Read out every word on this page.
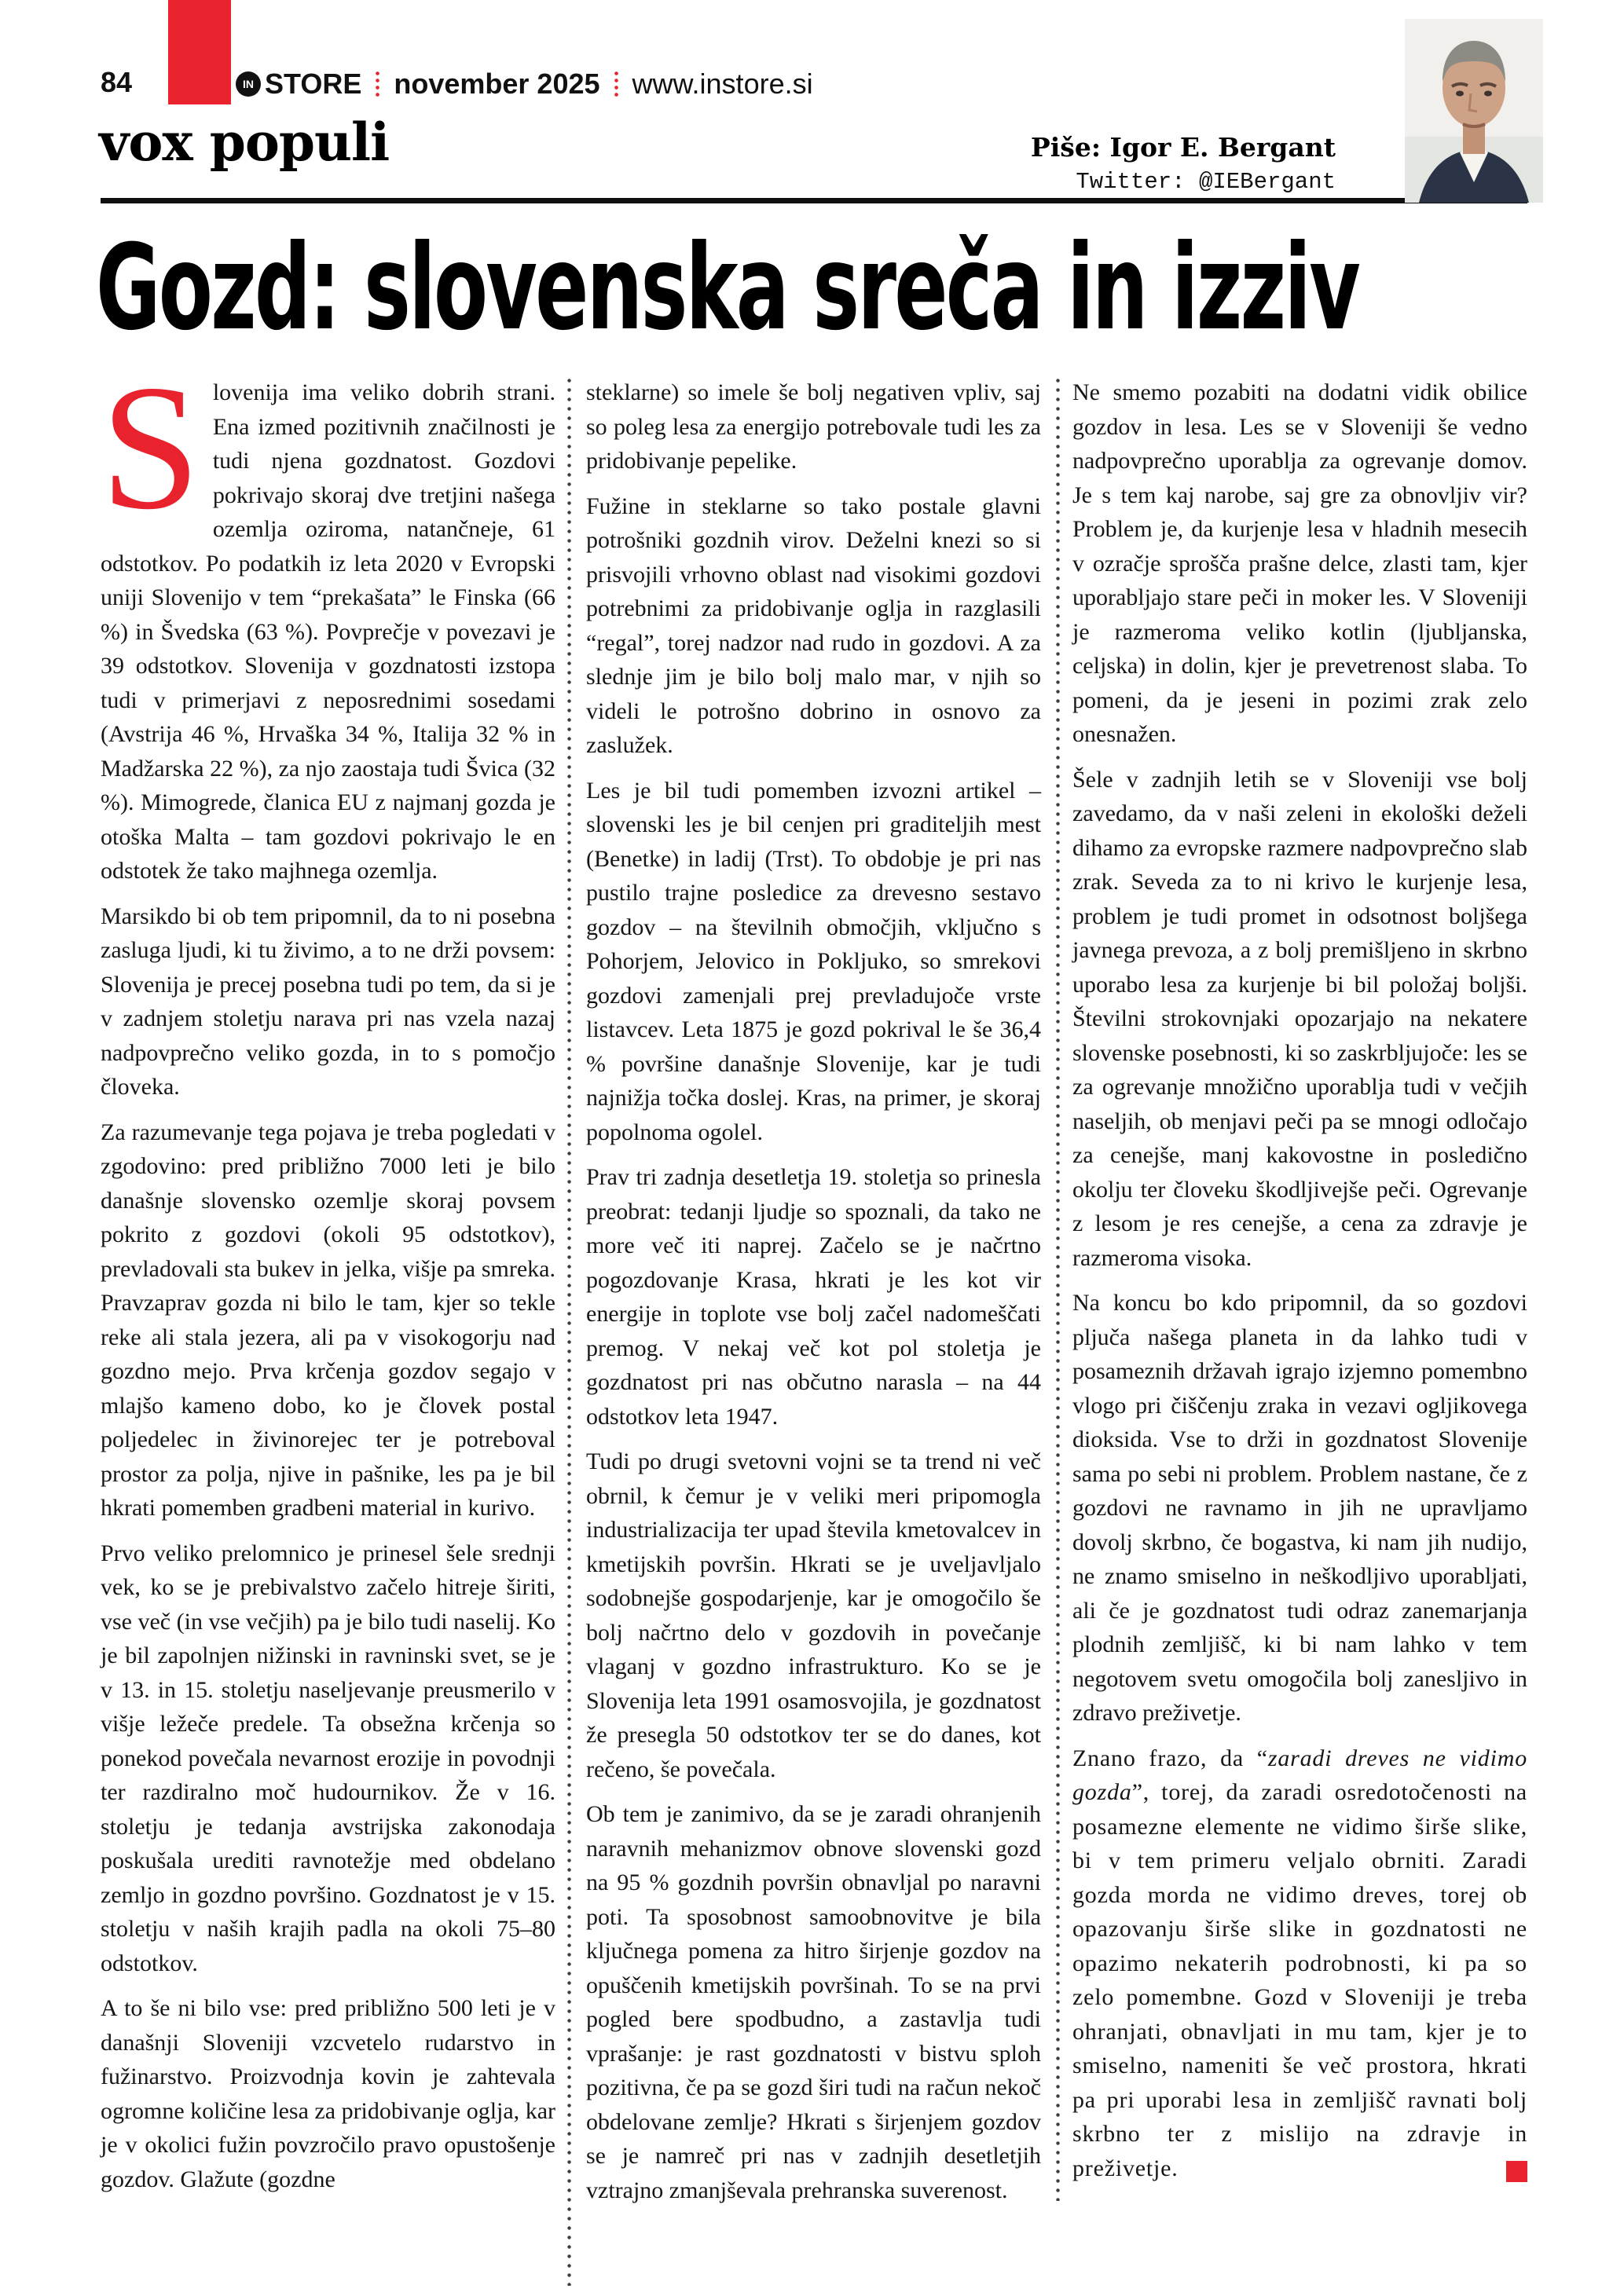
84	IN STORE november 2025 www.instore.si
vox populi	Piše: Igor E. Bergant
Twitter: @IEBergant
Gozd: slovenska sreča in izziv

Slovenija ima veliko dobrih strani. Ena izmed pozitivnih značilnosti je tudi njena gozdnatost. Gozdovi pokrivajo skoraj dve tretjini našega ozemlja oziroma, natančneje, 61 odstotkov. Po podatkih iz leta 2020 v Evropski uniji Slovenijo v tem “prekašata” le Finska (66 %) in Švedska (63 %). Povprečje v povezavi je 39 odstotkov. Slovenija v gozdnatosti izstopa tudi v primerjavi z neposrednimi sosedami (Avstrija 46 %, Hrvaška 34 %, Italija 32 % in Madžarska 22 %), za njo zaostaja tudi Švica (32 %). Mimogrede, članica EU z najmanj gozda je otoška Malta – tam gozdovi pokrivajo le en odstotek že tako majhnega ozemlja.

Marsikdo bi ob tem pripomnil, da to ni posebna zasluga ljudi, ki tu živimo, a to ne drži povsem: Slovenija je precej posebna tudi po tem, da si je v zadnjem stoletju narava pri nas vzela nazaj nadpovprečno veliko gozda, in to s pomočjo človeka.

Za razumevanje tega pojava je treba pogledati v zgodovino: pred približno 7000 leti je bilo današnje slovensko ozemlje skoraj povsem pokrito z gozdovi (okoli 95 odstotkov), prevladovali sta bukev in jelka, višje pa smreka. Pravzaprav gozda ni bilo le tam, kjer so tekle reke ali stala jezera, ali pa v visokogorju nad gozdno mejo. Prva krčenja gozdov segajo v mlajšo kameno dobo, ko je človek postal poljedelec in živinorejec ter je potreboval prostor za polja, njive in pašnike, les pa je bil hkrati pomemben gradbeni material in kurivo.

Prvo veliko prelomnico je prinesel šele srednji vek, ko se je prebivalstvo začelo hitreje širiti, vse več (in vse večjih) pa je bilo tudi naselij. Ko je bil zapolnjen nižinski in ravninski svet, se je v 13. in 15. stoletju naseljevanje preusmerilo v višje ležeče predele. Ta obsežna krčenja so ponekod povečala nevarnost erozije in povodnji ter razdiralno moč hudournikov. Že v 16. stoletju je tedanja avstrijska zakonodaja poskušala urediti ravnotežje med obdelano zemljo in gozdno površino. Gozdnatost je v 15. stoletju v naših krajih padla na okoli 75–80 odstotkov.

A to še ni bilo vse: pred približno 500 leti je v današnji Sloveniji vzcvetelo rudarstvo in fužinarstvo. Proizvodnja kovin je zahtevala ogromne količine lesa za pridobivanje oglja, kar je v okolici fužin povzročilo pravo opustošenje gozdov. Glažute (gozdne

steklarne) so imele še bolj negativen vpliv, saj so poleg lesa za energijo potrebovale tudi les za pridobivanje pepelike.

Fužine in steklarne so tako postale glavni potrošniki gozdnih virov. Deželni knezi so si prisvojili vrhovno oblast nad visokimi gozdovi potrebnimi za pridobivanje oglja in razglasili “regal”, torej nadzor nad rudo in gozdovi. A za slednje jim je bilo bolj malo mar, v njih so videli le potrošno dobrino in osnovo za zaslužek.

Les je bil tudi pomemben izvozni artikel – slovenski les je bil cenjen pri graditeljih mest (Benetke) in ladij (Trst). To obdobje je pri nas pustilo trajne posledice za drevesno sestavo gozdov – na številnih območjih, vključno s Pohorjem, Jelovico in Pokljuko, so smrekovi gozdovi zamenjali prej prevladujoče vrste listavcev. Leta 1875 je gozd pokrival le še 36,4 % površine današnje Slovenije, kar je tudi najnižja točka doslej. Kras, na primer, je skoraj popolnoma ogolel.

Prav tri zadnja desetletja 19. stoletja so prinesla preobrat: tedanji ljudje so spoznali, da tako ne more več iti naprej. Začelo se je načrtno pogozdovanje Krasa, hkrati je les kot vir energije in toplote vse bolj začel nadomeščati premog. V nekaj več kot pol stoletja je gozdnatost pri nas občutno narasla – na 44 odstotkov leta 1947.

Tudi po drugi svetovni vojni se ta trend ni več obrnil, k čemur je v veliki meri pripomogla industrializacija ter upad števila kmetovalcev in kmetijskih površin. Hkrati se je uveljavljalo sodobnejše gospodarjenje, kar je omogočilo še bolj načrtno delo v gozdovih in povečanje vlaganj v gozdno infrastrukturo. Ko se je Slovenija leta 1991 osamosvojila, je gozdnatost že presegla 50 odstotkov ter se do danes, kot rečeno, še povečala.

Ob tem je zanimivo, da se je zaradi ohranjenih naravnih mehanizmov obnove slovenski gozd na 95 % gozdnih površin obnavljal po naravni poti. Ta sposobnost samoobnovitve je bila ključnega pomena za hitro širjenje gozdov na opuščenih kmetijskih površinah. To se na prvi pogled bere spodbudno, a zastavlja tudi vprašanje: je rast gozdnatosti v bistvu sploh pozitivna, če pa se gozd širi tudi na račun nekoč obdelovane zemlje? Hkrati s širjenjem gozdov se je namreč pri nas v zadnjih desetletjih vztrajno zmanjševala prehranska suverenost.

Ne smemo pozabiti na dodatni vidik obilice gozdov in lesa. Les se v Sloveniji še vedno nadpovprečno uporablja za ogrevanje domov. Je s tem kaj narobe, saj gre za obnovljiv vir? Problem je, da kurjenje lesa v hladnih mesecih v ozračje sprošča prašne delce, zlasti tam, kjer uporabljajo stare peči in moker les. V Sloveniji je razmeroma veliko kotlin (ljubljanska, celjska) in dolin, kjer je prevetrenost slaba. To pomeni, da je jeseni in pozimi zrak zelo onesnažen.

Šele v zadnjih letih se v Sloveniji vse bolj zavedamo, da v naši zeleni in ekološki deželi dihamo za evropske razmere nadpovprečno slab zrak. Seveda za to ni krivo le kurjenje lesa, problem je tudi promet in odsotnost boljšega javnega prevoza, a z bolj premišljeno in skrbno uporabo lesa za kurjenje bi bil položaj boljši. Številni strokovnjaki opozarjajo na nekatere slovenske posebnosti, ki so zaskrbljujoče: les se za ogrevanje množično uporablja tudi v večjih naseljih, ob menjavi peči pa se mnogi odločajo za cenejše, manj kakovostne in posledično okolju ter človeku škodljivejše peči. Ogrevanje z lesom je res cenejše, a cena za zdravje je razmeroma visoka.

Na koncu bo kdo pripomnil, da so gozdovi pljuča našega planeta in da lahko tudi v posameznih državah igrajo izjemno pomembno vlogo pri čiščenju zraka in vezavi ogljikovega dioksida. Vse to drži in gozdnatost Slovenije sama po sebi ni problem. Problem nastane, če z gozdovi ne ravnamo in jih ne upravljamo dovolj skrbno, če bogastva, ki nam jih nudijo, ne znamo smiselno in neškodljivo uporabljati, ali če je gozdnatost tudi odraz zanemarjanja plodnih zemljišč, ki bi nam lahko v tem negotovem svetu omogočila bolj zanesljivo in zdravo preživetje.

Znano frazo, da “zaradi dreves ne vidimo gozda”, torej, da zaradi osredotočenosti na posamezne elemente ne vidimo širše slike, bi v tem primeru veljalo obrniti. Zaradi gozda morda ne vidimo dreves, torej ob opazovanju širše slike in gozdnatosti ne opazimo nekaterih podrobnosti, ki pa so zelo pomembne. Gozd v Sloveniji je treba ohranjati, obnavljati in mu tam, kjer je to smiselno, nameniti še več prostora, hkrati pa pri uporabi lesa in zemljišč ravnati bolj skrbno ter z mislijo na zdravje in preživetje.
